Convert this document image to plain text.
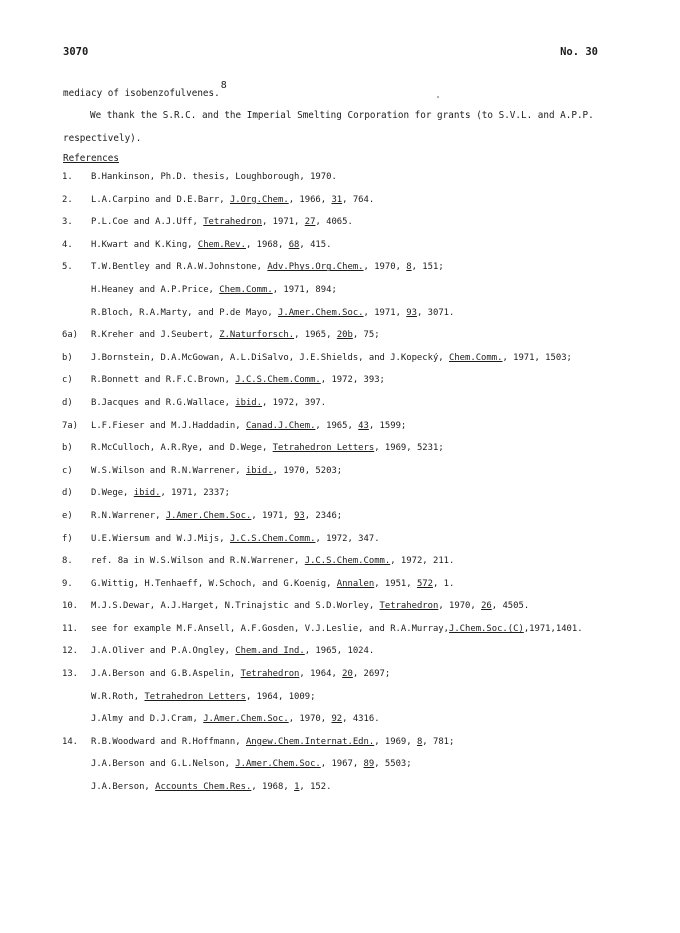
3070	No. 30
mediacy of isobenzofulvenes.8
We thank the S.R.C. and the Imperial Smelting Corporation for grants (to S.V.L. and A.P.P.
respectively).
References
1. B.Hankinson, Ph.D. thesis, Loughborough, 1970.
2. L.A.Carpino and D.E.Barr, J.Org.Chem., 1966, 31, 764.
3. P.L.Coe and A.J.Uff, Tetrahedron, 1971, 27, 4065.
4. H.Kwart and K.King, Chem.Rev., 1968, 68, 415.
5. T.W.Bentley and R.A.W.Johnstone, Adv.Phys.Org.Chem., 1970, 8, 151;
H.Heaney and A.P.Price, Chem.Comm., 1971, 894;
R.Bloch, R.A.Marty, and P.de Mayo, J.Amer.Chem.Soc., 1971, 93, 3071.
6a) R.Kreher and J.Seubert, Z.Naturforsch., 1965, 20b, 75;
b) J.Bornstein, D.A.McGowan, A.L.DiSalvo, J.E.Shields, and J.Kopecký, Chem.Comm., 1971, 1503;
c) R.Bonnett and R.F.C.Brown, J.C.S.Chem.Comm., 1972, 393;
d) B.Jacques and R.G.Wallace, ibid., 1972, 397.
7a) L.F.Fieser and M.J.Haddadin, Canad.J.Chem., 1965, 43, 1599;
b) R.McCulloch, A.R.Rye, and D.Wege, Tetrahedron Letters, 1969, 5231;
c) W.S.Wilson and R.N.Warrener, ibid., 1970, 5203;
d) D.Wege, ibid., 1971, 2337;
e) R.N.Warrener, J.Amer.Chem.Soc., 1971, 93, 2346;
f) U.E.Wiersum and W.J.Mijs, J.C.S.Chem.Comm., 1972, 347.
8. ref. 8a in W.S.Wilson and R.N.Warrener, J.C.S.Chem.Comm., 1972, 211.
9. G.Wittig, H.Tenhaeff, W.Schoch, and G.Koenig, Annalen, 1951, 572, 1.
10. M.J.S.Dewar, A.J.Harget, N.Trinajstic and S.D.Worley, Tetrahedron, 1970, 26, 4505.
11. see for example M.F.Ansell, A.F.Gosden, V.J.Leslie, and R.A.Murray,J.Chem.Soc.(C),1971,1401.
12. J.A.Oliver and P.A.Ongley, Chem.and Ind., 1965, 1024.
13. J.A.Berson and G.B.Aspelin, Tetrahedron, 1964, 20, 2697;
W.R.Roth, Tetrahedron Letters, 1964, 1009;
J.Almy and D.J.Cram, J.Amer.Chem.Soc., 1970, 92, 4316.
14. R.B.Woodward and R.Hoffmann, Angew.Chem.Internat.Edn., 1969, 8, 781;
J.A.Berson and G.L.Nelson, J.Amer.Chem.Soc., 1967, 89, 5503;
J.A.Berson, Accounts Chem.Res., 1968, 1, 152.
